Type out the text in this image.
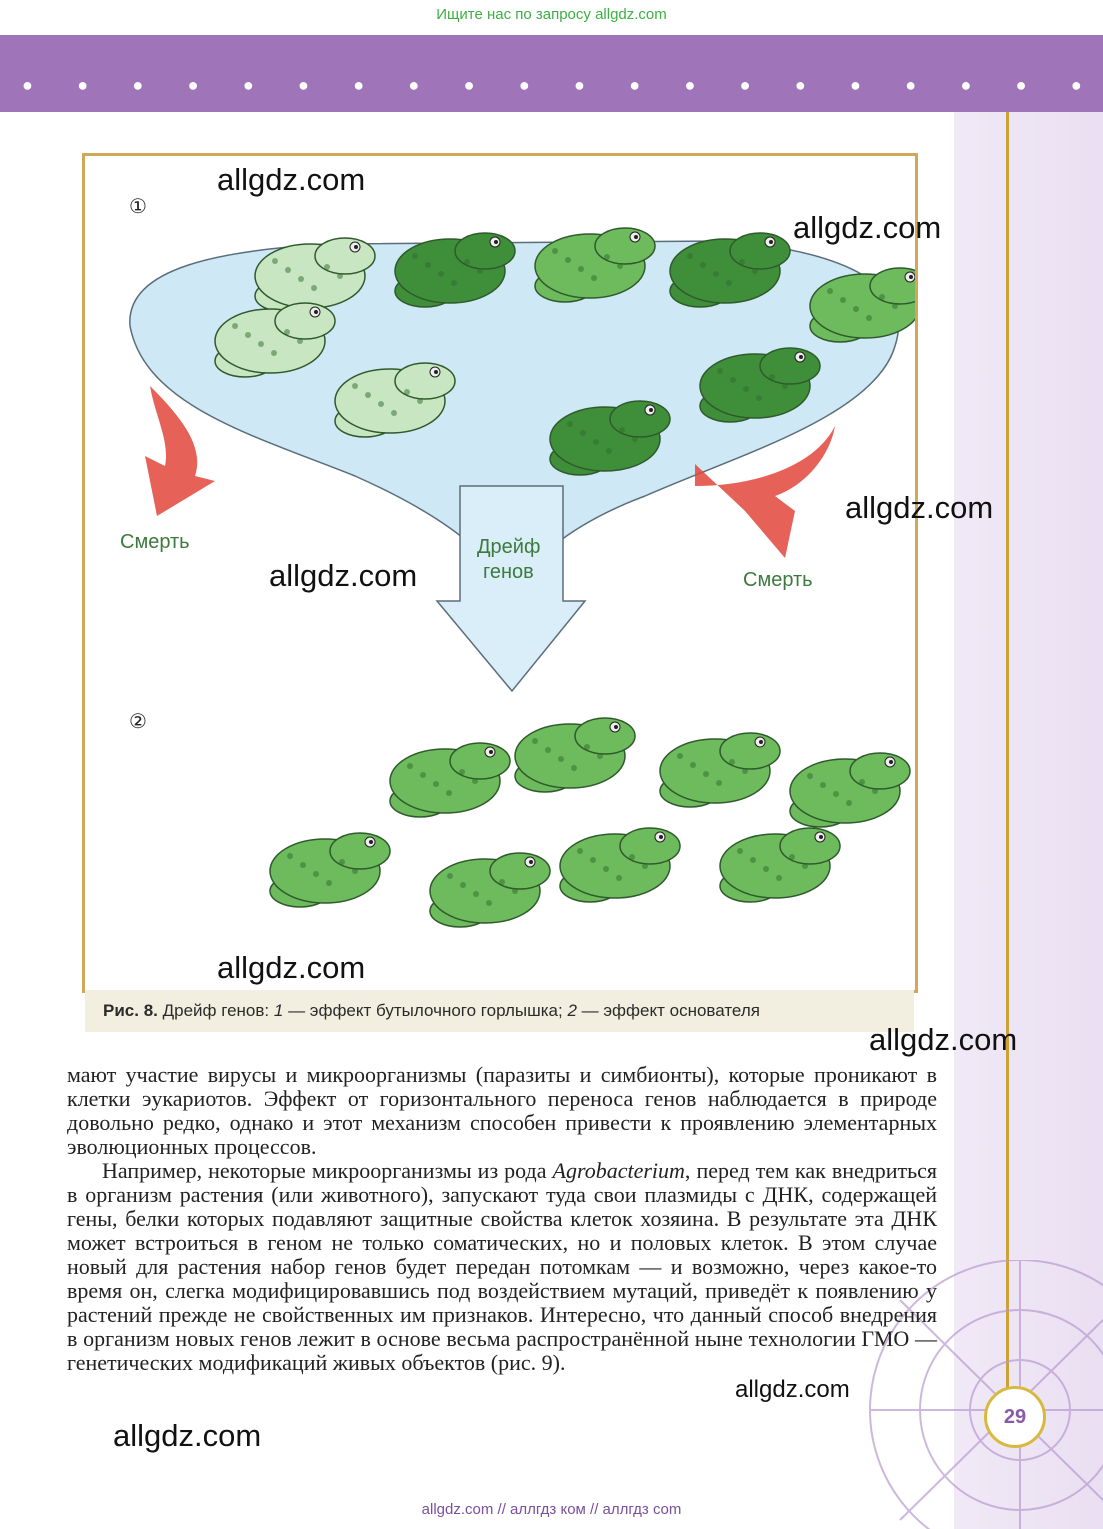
Ищите нас по запросу allgdz.com
● ● ● ● ● ● ● ● ● ● ● ● ● ● ● ● ● ● ● ●
①
②
Смерть
Смерть
Дрейф
генов
Рис. 8. Дрейф генов: 1 — эффект бутылочного горлышка; 2 — эффект основателя

мают участие вирусы и микроорганизмы (паразиты и симбионты), которые проникают в клетки эукариотов. Эффект от горизонтального переноса генов наблюдается в природе довольно редко, однако и этот механизм способен привести к проявлению элементарных эволюционных процессов.

Например, некоторые микроорганизмы из рода Agrobacterium, перед тем как внедриться в организм растения (или животного), запускают туда свои плазмиды с ДНК, содержащей гены, белки которых подавляют защитные свойства клеток хозяина. В результате эта ДНК может встроиться в геном не только соматических, но и половых клеток. В этом случае новый для растения набор генов будет передан потомкам — и возможно, через какое-то время он, слегка модифицировавшись под воздействием мутаций, приведёт к появлению у растений прежде не свойственных им признаков. Интересно, что данный способ внедрения в организм новых генов лежит в основе весьма распространённой ныне технологии ГМО — генетических модификаций живых объектов (рис. 9).

allgdz.com
allgdz.com
allgdz.com
allgdz.com
allgdz.com
allgdz.com
allgdz.com
allgdz.com
29
allgdz.com // аллгдз ком // аллгдз com
